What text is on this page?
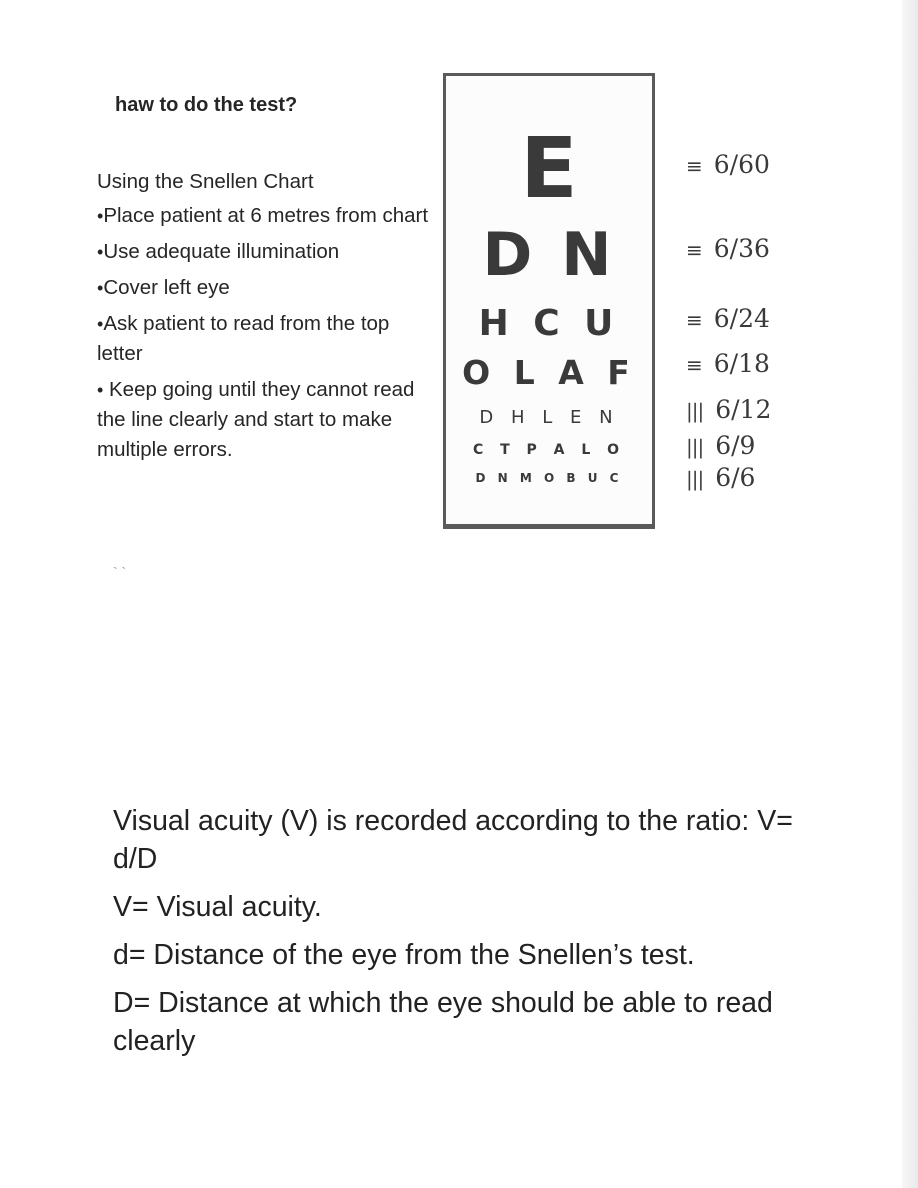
haw to do the test?

Using the Snellen Chart

•Place patient at 6 metres from chart

•Use adequate illumination

•Cover left eye

•Ask patient to read from the top letter

• Keep going until they cannot read the line clearly and start to make multiple errors.

E
D N
H C U
O L A F
D H L E N
C T P A L O
D N M O B U C
≡ 6/60
≡ 6/36
≡ 6/24
≡ 6/18
||| 6/12
||| 6/9
||| 6/6
` `

Visual acuity (V) is recorded according to the ratio: V= d/D

V= Visual acuity.

d= Distance of the eye from the Snellen’s test.

D= Distance at which the eye should be able to read clearly
